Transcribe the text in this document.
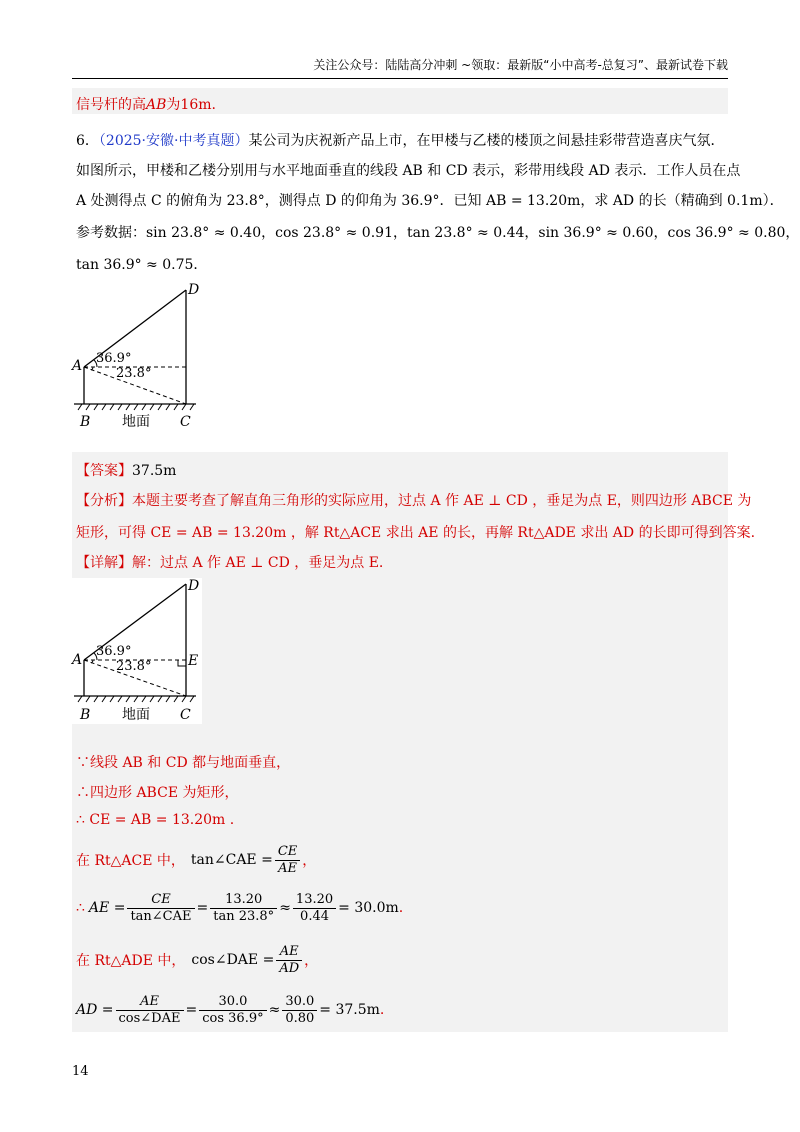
关注公众号：陆陆高分冲刺 ~领取：最新版“小中高考-总复习”、最新试卷下载
信号杆的高AB为16m.
6．（2025·安徽·中考真题）某公司为庆祝新产品上市，在甲楼与乙楼的楼顶之间悬挂彩带营造喜庆气氛．
如图所示，甲楼和乙楼分别用与水平地面垂直的线段 AB 和 CD 表示，彩带用线段 AD 表示．工作人员在点
A 处测得点 C 的俯角为 23.8°，测得点 D 的仰角为 36.9°．已知 AB = 13.20m，求 AD 的长（精确到 0.1m）．
参考数据：sin 23.8° ≈ 0.40，cos 23.8° ≈ 0.91，tan 23.8° ≈ 0.44，sin 36.9° ≈ 0.60，cos 36.9° ≈ 0.80，
tan 36.9° ≈ 0.75．
D
A 36.9°
23.8°
B 地面 C
【答案】37.5m
【分析】本题主要考查了解直角三角形的实际应用，过点 A 作 AE ⊥ CD ，垂足为点 E，则四边形 ABCE 为
矩形，可得 CE = AB = 13.20m ，解 Rt△ACE 求出 AE 的长，再解 Rt△ADE 求出 AD 的长即可得到答案.
【详解】解：过点 A 作 AE ⊥ CD ，垂足为点 E.
D
A	E
36.9°
23.8°
B 地面 C
∵线段 AB 和 CD 都与地面垂直，
∴四边形 ABCE 为矩形，
∴ CE = AB = 13.20m .
在 Rt△ACE 中， tan∠CAE = $\frac{CE}{AE}$ ，
∴ AE = $\frac{CE}{\text{tan∠CAE}} = \frac{13.20}{\tan 23.8^\circ} \approx \frac{13.20}{0.44} = 30.0m$ .
在 Rt△ADE 中， cos∠DAE = $\frac{AE}{AD}$ ，
AD = $\frac{AE}{\text{cos∠DAE}} = \frac{30.0}{\cos 36.9^\circ} \approx \frac{30.0}{0.80} = 37.5m$ .
14
